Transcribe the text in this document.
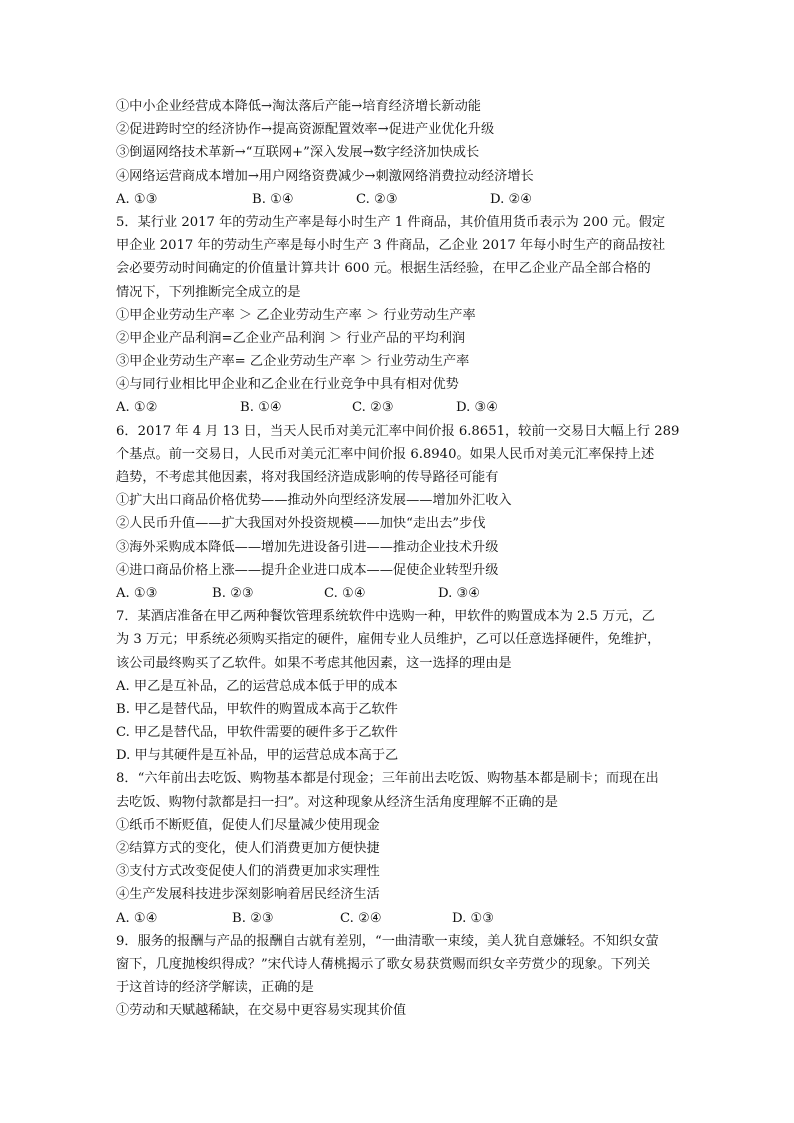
①中小企业经营成本降低→淘汰落后产能→培育经济增长新动能
②促进跨时空的经济协作→提高资源配置效率→促进产业优化升级
③倒逼网络技术革新→“互联网+”深入发展→数字经济加快成长
④网络运营商成本增加→用户网络资费减少→刺激网络消费拉动经济增长
A. ①③	B. ①④	C. ②③	D. ②④
5．某行业 2017 年的劳动生产率是每小时生产 1 件商品，其价值用货币表示为 200 元。假定
甲企业 2017 年的劳动生产率是每小时生产 3 件商品，乙企业 2017 年每小时生产的商品按社
会必要劳动时间确定的价值量计算共计 600 元。根据生活经验，在甲乙企业产品全部合格的
情况下，下列推断完全成立的是
①甲企业劳动生产率 ＞ 乙企业劳动生产率 ＞ 行业劳动生产率
②甲企业产品利润=乙企业产品利润 ＞ 行业产品的平均利润
③甲企业劳动生产率= 乙企业劳动生产率 ＞ 行业劳动生产率
④与同行业相比甲企业和乙企业在行业竞争中具有相对优势
A. ①②	B. ①④	C. ②③	D. ③④
6．2017 年 4 月 13 日，当天人民币对美元汇率中间价报 6.8651，较前一交易日大幅上行 289
个基点。前一交易日，人民币对美元汇率中间价报 6.8940。如果人民币对美元汇率保持上述
趋势，不考虑其他因素，将对我国经济造成影响的传导路径可能有
①扩大出口商品价格优势——推动外向型经济发展——增加外汇收入
②人民币升值——扩大我国对外投资规模——加快“走出去”步伐
③海外采购成本降低——增加先进设备引进——推动企业技术升级
④进口商品价格上涨——提升企业进口成本——促使企业转型升级
A. ①③	B. ②③	C. ①④	D. ③④
7．某酒店准备在甲乙两种餐饮管理系统软件中选购一种，甲软件的购置成本为 2.5 万元，乙
为 3 万元；甲系统必须购买指定的硬件，雇佣专业人员维护，乙可以任意选择硬件，免维护，
该公司最终购买了乙软件。如果不考虑其他因素，这一选择的理由是
A. 甲乙是互补品，乙的运营总成本低于甲的成本
B. 甲乙是替代品，甲软件的购置成本高于乙软件
C. 甲乙是替代品，甲软件需要的硬件多于乙软件
D. 甲与其硬件是互补品，甲的运营总成本高于乙
8．“六年前出去吃饭、购物基本都是付现金；三年前出去吃饭、购物基本都是刷卡；而现在出
去吃饭、购物付款都是扫一扫”。对这种现象从经济生活角度理解不正确的是
①纸币不断贬值，促使人们尽量减少使用现金
②结算方式的变化，使人们消费更加方便快捷
③支付方式改变促使人们的消费更加求实理性
④生产发展科技进步深刻影响着居民经济生活
A. ①④	B. ②③	C. ②④	D. ①③
9．服务的报酬与产品的报酬自古就有差别，“一曲清歌一束绫，美人犹自意嫌轻。不知织女萤
窗下，几度抛梭织得成？”宋代诗人蒨桃揭示了歌女易获赏赐而织女辛劳赏少的现象。下列关
于这首诗的经济学解读，正确的是
①劳动和天赋越稀缺，在交易中更容易实现其价值
